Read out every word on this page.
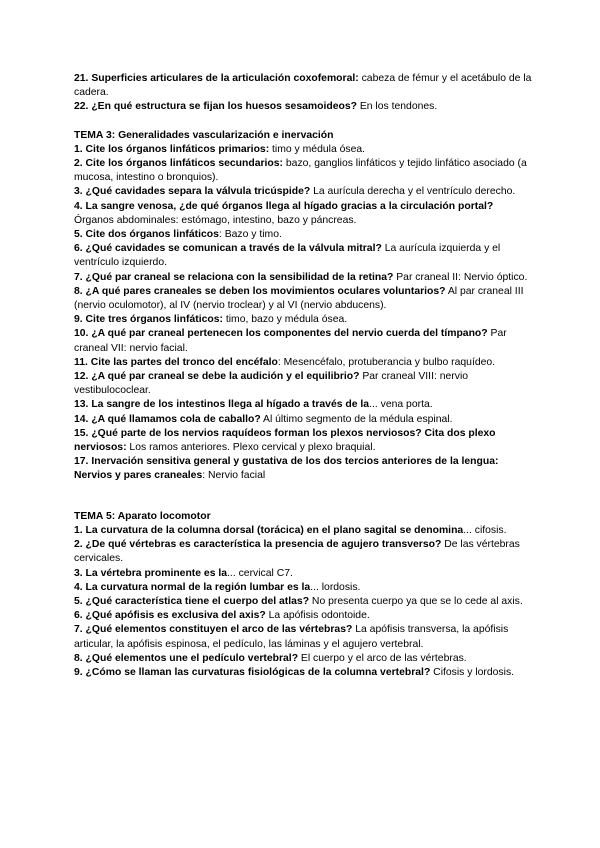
21. Superficies articulares de la articulación coxofemoral: cabeza de fémur y el acetábulo de la cadera.

22. ¿En qué estructura se fijan los huesos sesamoideos? En los tendones.

TEMA 3: Generalidades vascularización e inervación

1. Cite los órganos linfáticos primarios: timo y médula ósea.

2. Cite los órganos linfáticos secundarios: bazo, ganglios linfáticos y tejido linfático asociado (a mucosa, intestino o bronquios).

3. ¿Qué cavidades separa la válvula tricúspide? La aurícula derecha y el ventrículo derecho.

4. La sangre venosa, ¿de qué órganos llega al hígado gracias a la circulación portal? Órganos abdominales: estómago, intestino, bazo y páncreas.

5. Cite dos órganos linfáticos: Bazo y timo.

6. ¿Qué cavidades se comunican a través de la válvula mitral? La aurícula izquierda y el ventrículo izquierdo.

7. ¿Qué par craneal se relaciona con la sensibilidad de la retina? Par craneal II: Nervio óptico.

8. ¿A qué pares craneales se deben los movimientos oculares voluntarios? Al par craneal III (nervio oculomotor), al IV (nervio troclear) y al VI (nervio abducens).

9. Cite tres órganos linfáticos: timo, bazo y médula ósea.

10. ¿A qué par craneal pertenecen los componentes del nervio cuerda del tímpano? Par craneal VII: nervio facial.

11. Cite las partes del tronco del encéfalo: Mesencéfalo, protuberancia y bulbo raquídeo.

12. ¿A qué par craneal se debe la audición y el equilibrio? Par craneal VIII: nervio vestibulococlear.

13. La sangre de los intestinos llega al hígado a través de la... vena porta.

14. ¿A qué llamamos cola de caballo? Al último segmento de la médula espinal.

15. ¿Qué parte de los nervios raquídeos forman los plexos nerviosos? Cita dos plexo nerviosos: Los ramos anteriores. Plexo cervical y plexo braquial.

17. Inervación sensitiva general y gustativa de los dos tercios anteriores de la lengua: Nervios y pares craneales: Nervio facial

TEMA 5: Aparato locomotor

1. La curvatura de la columna dorsal (torácica) en el plano sagital se denomina... cifosis.

2. ¿De qué vértebras es característica la presencia de agujero transverso? De las vértebras cervicales.

3. La vértebra prominente es la... cervical C7.

4. La curvatura normal de la región lumbar es la... lordosis.

5. ¿Qué característica tiene el cuerpo del atlas? No presenta cuerpo ya que se lo cede al axis.

6. ¿Qué apófisis es exclusiva del axis? La apófisis odontoide.

7. ¿Qué elementos constituyen el arco de las vértebras? La apófisis transversa, la apófisis articular, la apófisis espinosa, el pedículo, las láminas y el agujero vertebral.

8. ¿Qué elementos une el pedículo vertebral? El cuerpo y el arco de las vértebras.

9. ¿Cómo se llaman las curvaturas fisiológicas de la columna vertebral? Cifosis y lordosis.
